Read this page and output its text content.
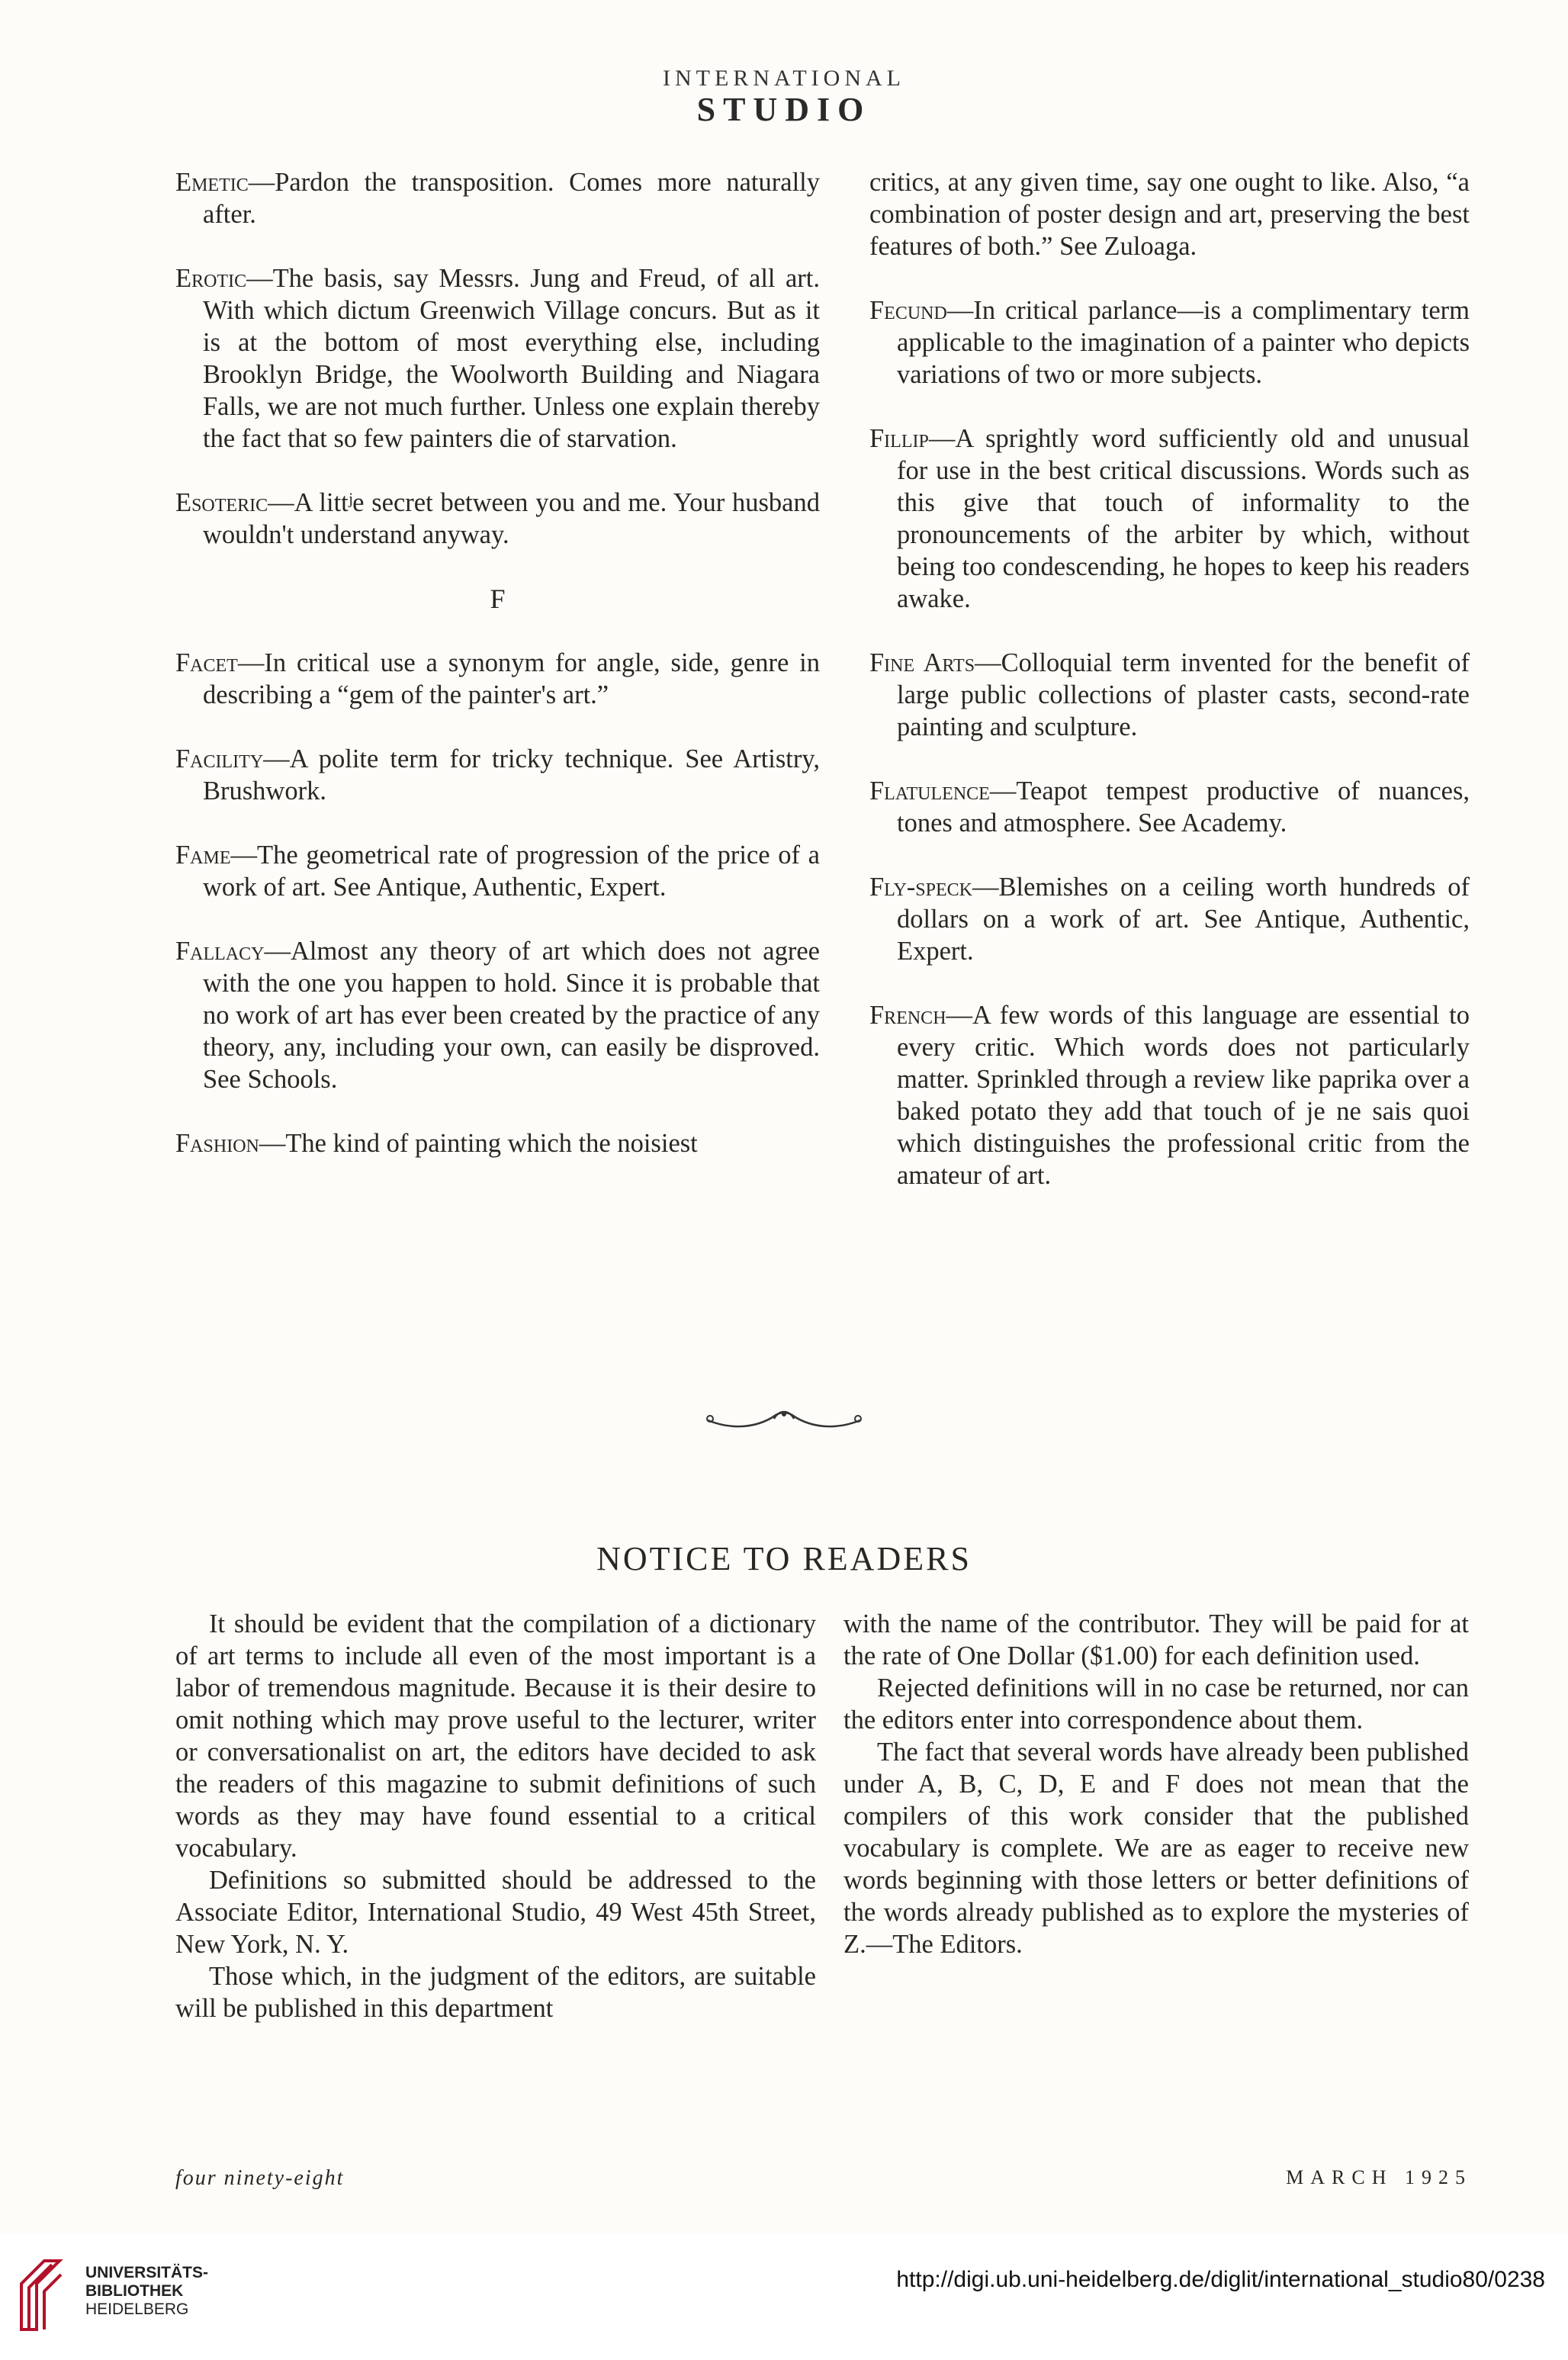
INTERNATIONAL
STUDIO

Emetic—Pardon the transposition. Comes more naturally after.

Erotic—The basis, say Messrs. Jung and Freud, of all art. With which dictum Greenwich Village concurs. But as it is at the bottom of most everything else, including Brooklyn Bridge, the Woolworth Building and Niagara Falls, we are not much further. Unless one explain thereby the fact that so few painters die of starvation.

Esoteric—A littʲe secret between you and me. Your husband wouldn't understand anyway.

F

Facet—In critical use a synonym for angle, side, genre in describing a “gem of the painter's art.”

Facility—A polite term for tricky technique. See Artistry, Brushwork.

Fame—The geometrical rate of progression of the price of a work of art. See Antique, Authentic, Expert.

Fallacy—Almost any theory of art which does not agree with the one you happen to hold. Since it is probable that no work of art has ever been created by the practice of any theory, any, including your own, can easily be disproved. See Schools.

Fashion—The kind of painting which the noisiest

critics, at any given time, say one ought to like. Also, “a combination of poster design and art, preserving the best features of both.” See Zuloaga.

Fecund—In critical parlance—is a complimentary term applicable to the imagination of a painter who depicts variations of two or more subjects.

Fillip—A sprightly word sufficiently old and unusual for use in the best critical discussions. Words such as this give that touch of informality to the pronouncements of the arbiter by which, without being too condescending, he hopes to keep his readers awake.

Fine Arts—Colloquial term invented for the benefit of large public collections of plaster casts, second-rate painting and sculpture.

Flatulence—Teapot tempest productive of nuances, tones and atmosphere. See Academy.

Fly-speck—Blemishes on a ceiling worth hundreds of dollars on a work of art. See Antique, Authentic, Expert.

French—A few words of this language are essential to every critic. Which words does not particularly matter. Sprinkled through a review like paprika over a baked potato they add that touch of je ne sais quoi which distinguishes the professional critic from the amateur of art.

NOTICE TO READERS

It should be evident that the compilation of a dictionary of art terms to include all even of the most important is a labor of tremendous magnitude. Because it is their desire to omit nothing which may prove useful to the lecturer, writer or conversationalist on art, the editors have decided to ask the readers of this magazine to submit definitions of such words as they may have found essential to a critical vocabulary.

Definitions so submitted should be addressed to the Associate Editor, International Studio, 49 West 45th Street, New York, N. Y.

Those which, in the judgment of the editors, are suitable will be published in this department

with the name of the contributor. They will be paid for at the rate of One Dollar ($1.00) for each definition used.

Rejected definitions will in no case be returned, nor can the editors enter into correspondence about them.

The fact that several words have already been published under A, B, C, D, E and F does not mean that the compilers of this work consider that the published vocabulary is complete. We are as eager to receive new words beginning with those letters or better definitions of the words already published as to explore the mysteries of Z.—The Editors.

four ninety-eight	MARCH 1925
UNIVERSITÄTS-
BIBLIOTHEK
HEIDELBERG
http://digi.ub.uni-heidelberg.de/diglit/international_studio80/0238
